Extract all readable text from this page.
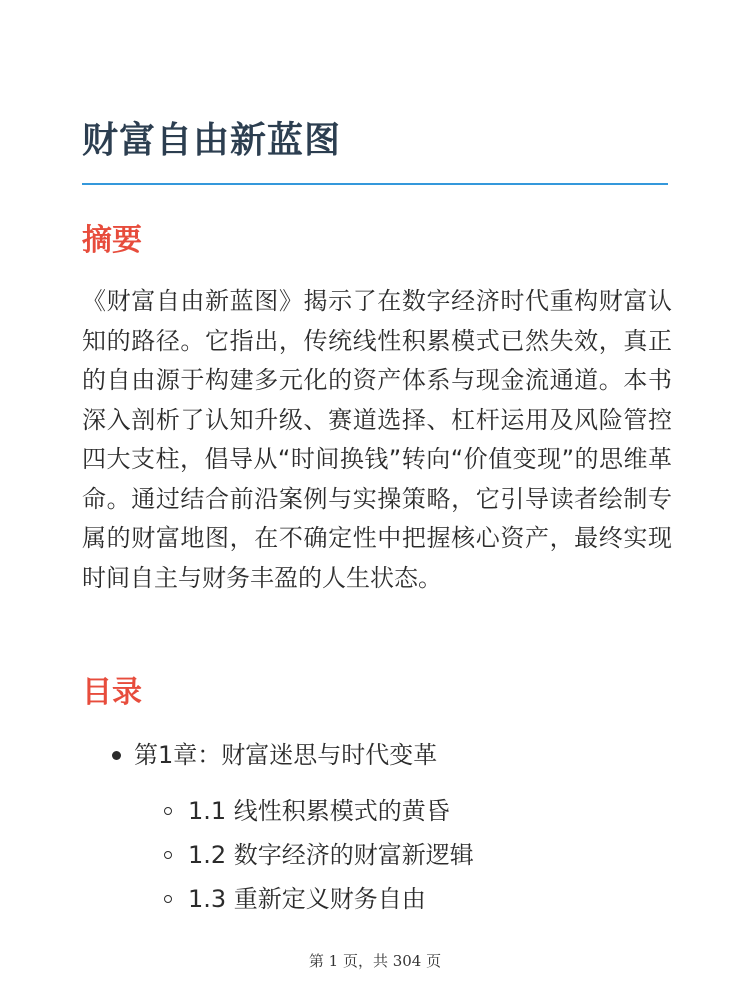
财富自由新蓝图
摘要

《财富自由新蓝图》揭示了在数字经济时代重构财富认知的路径。它指出，传统线性积累模式已然失效，真正的自由源于构建多元化的资产体系与现金流通道。本书深入剖析了认知升级、赛道选择、杠杆运用及风险管控四大支柱，倡导从“时间换钱”转向“价值变现”的思维革命。通过结合前沿案例与实操策略，它引导读者绘制专属的财富地图，在不确定性中把握核心资产，最终实现时间自主与财务丰盈的人生状态。

目录
第1章：财富迷思与时代变革
1.1 线性积累模式的黄昏
1.2 数字经济的财富新逻辑
1.3 重新定义财务自由
第 1 页，共 304 页
